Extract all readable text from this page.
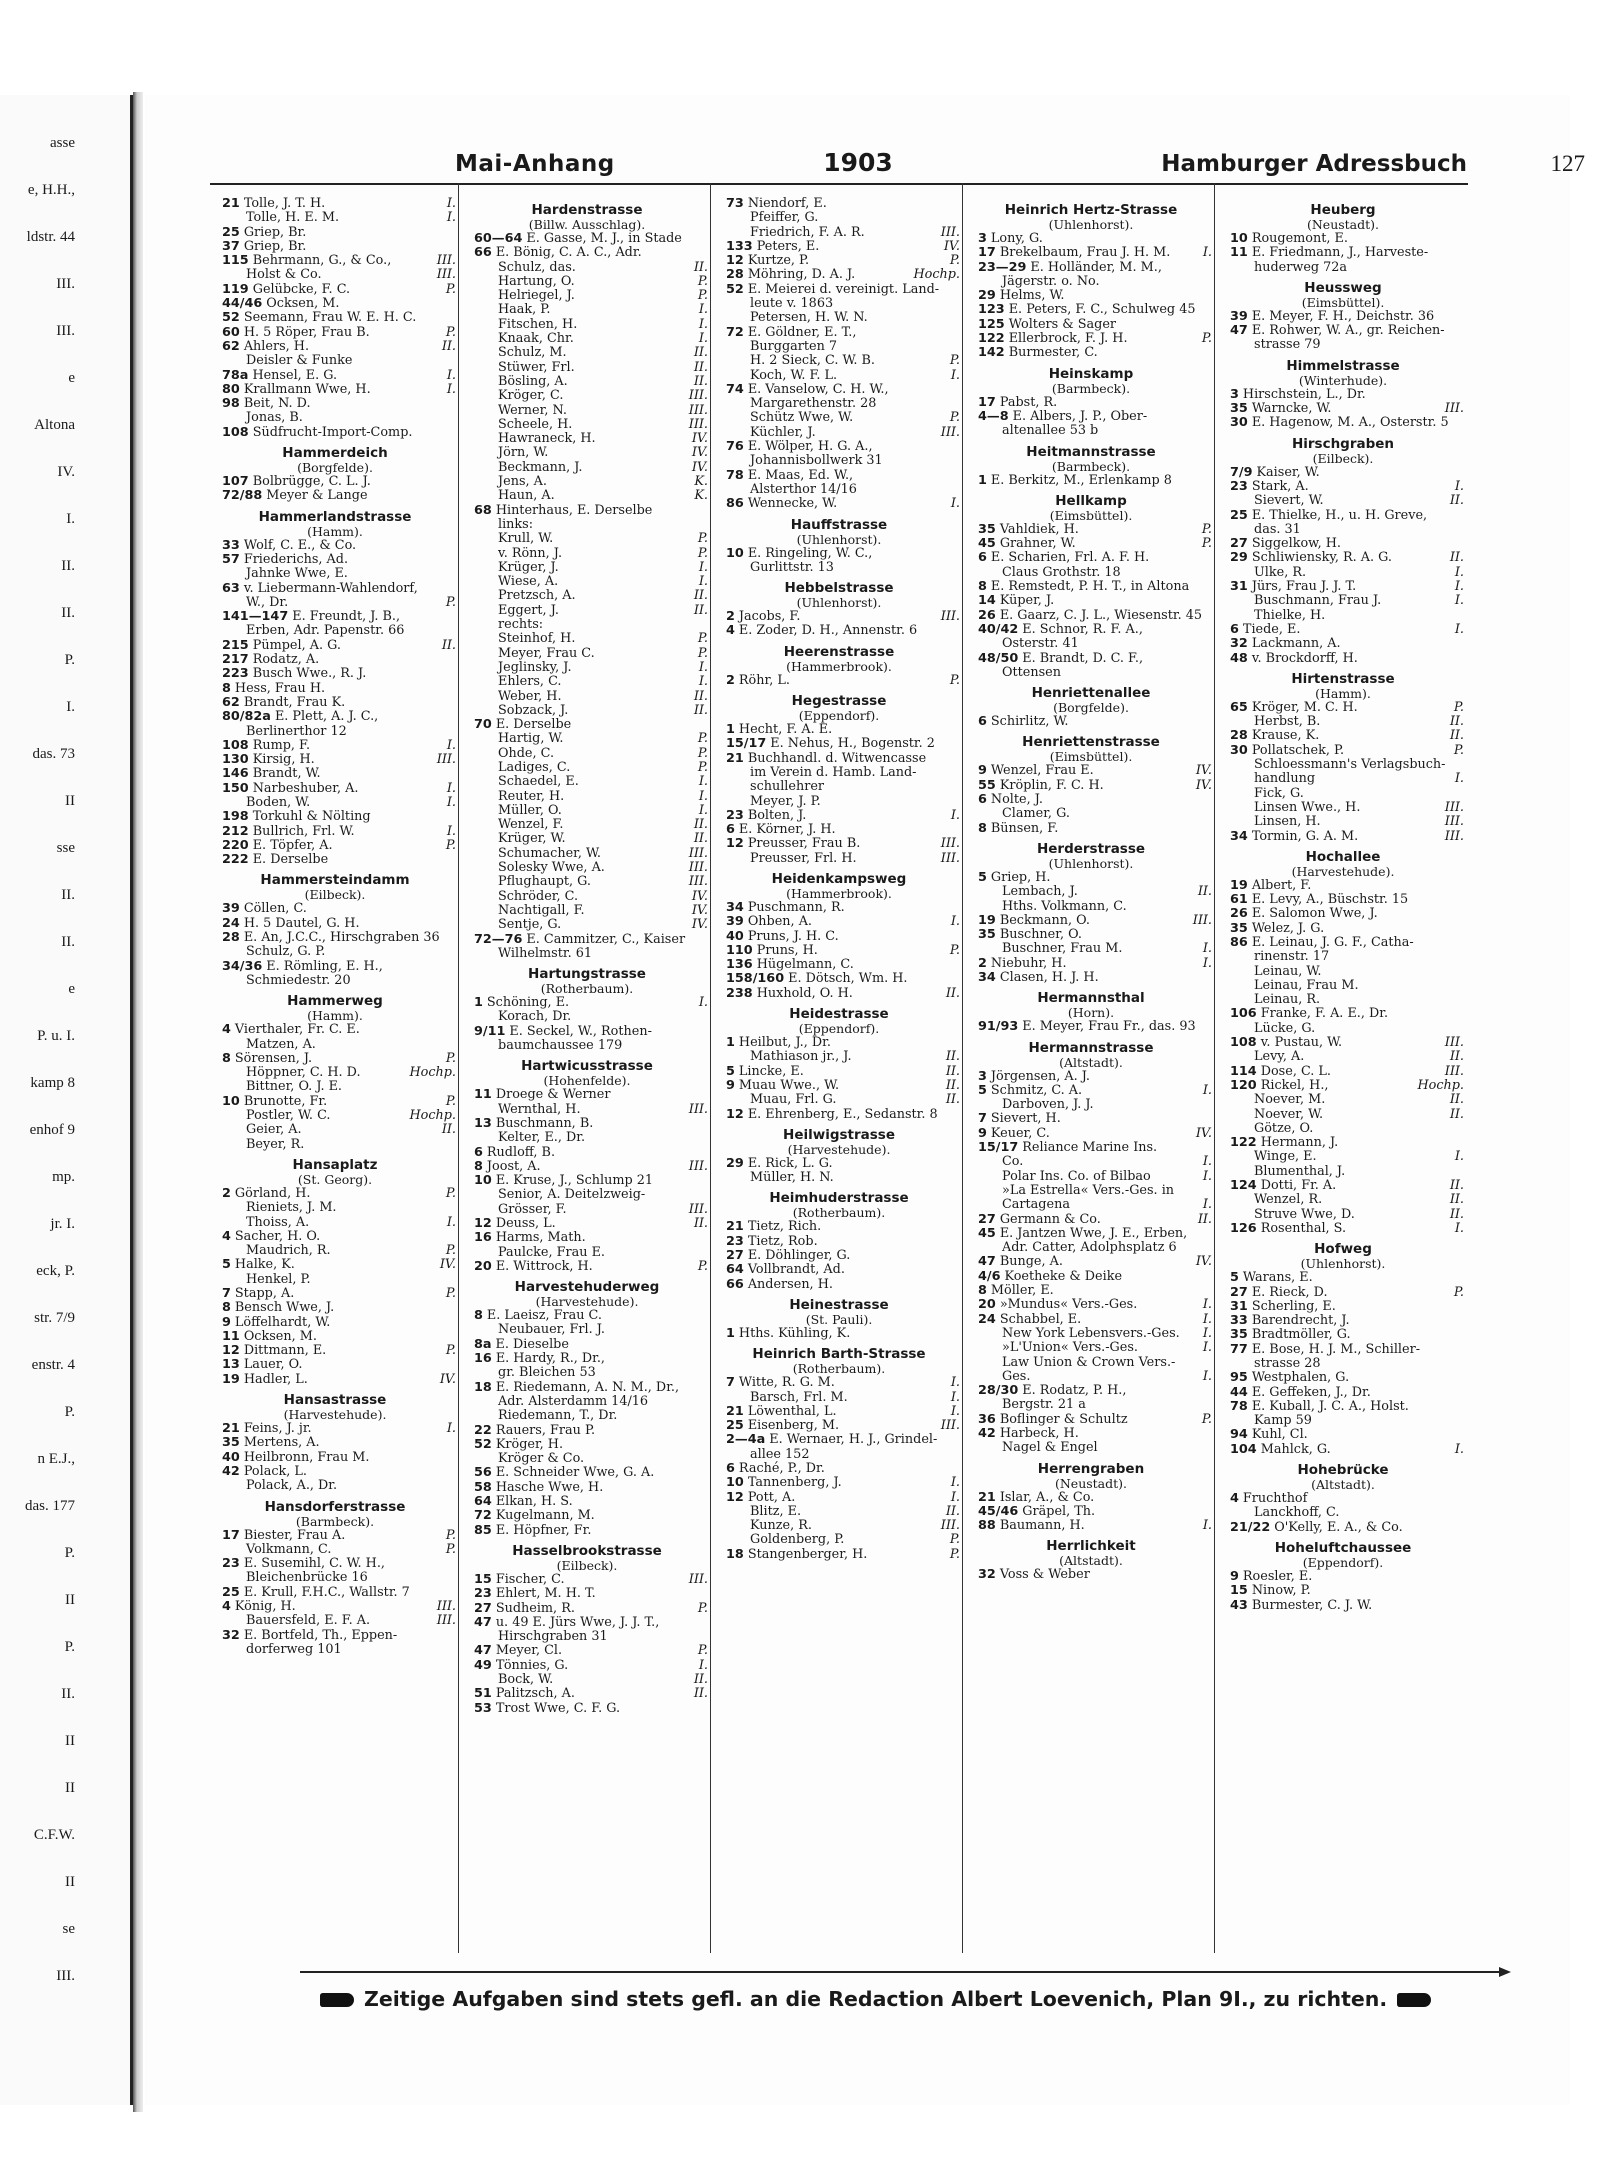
asse
e, H.H.,
ldstr. 44
III.
III.
e
Altona
IV.
I.
II.
II.
P.
I.
das. 73
II
sse
II.
II.
e
P. u. I.
kamp 8
enhof 9
mp.
jr. I.
eck, P.
str. 7/9
enstr. 4
P.
n E.J.,
das. 177
P.
II
P.
II.
II
II
C.F.W.
II
se
III.
Mai-Anhang	1903	Hamburger Adressbuch	127
21 Tolle, J. T. H.	I.
Tolle, H. E. M.	I.
25 Griep, Br.
37 Griep, Br.
115 Behrmann, G., & Co.,	III.
Holst & Co.	III.
119 Gelübcke, F. C.	P.
44/46 Ocksen, M.
52 Seemann, Frau W. E. H. C.
60 H. 5 Röper, Frau B.	P.
62 Ahlers, H.	II.
Deisler & Funke
78a Hensel, E. G.	I.
80 Krallmann Wwe, H.	I.
98 Beit, N. D.
Jonas, B.
108 Südfrucht-Import-Comp.
Hammerdeich
(Borgfelde).
107 Bolbrügge, C. L. J.
72/88 Meyer & Lange
Hammerlandstrasse
(Hamm).
33 Wolf, C. E., & Co.
57 Friederichs, Ad.
Jahnke Wwe, E.
63 v. Liebermann-Wahlendorf,
W., Dr.	P.
141—147 E. Freundt, J. B.,
Erben, Adr. Papenstr. 66
215 Pümpel, A. G.	II.
217 Rodatz, A.
223 Busch Wwe., R. J.
8 Hess, Frau H.
62 Brandt, Frau K.
80/82a E. Plett, A. J. C.,
Berlinerthor 12
108 Rump, F.	I.
130 Kirsig, H.	III.
146 Brandt, W.
150 Narbeshuber, A.	I.
Boden, W.	I.
198 Torkuhl & Nölting
212 Bullrich, Frl. W.	I.
220 E. Töpfer, A.	P.
222 E. Derselbe
Hammersteindamm
(Eilbeck).
39 Cöllen, C.
24 H. 5 Dautel, G. H.
28 E. An, J.C.C., Hirschgraben 36
Schulz, G. P.
34/36 E. Römling, E. H.,
Schmiedestr. 20
Hammerweg
(Hamm).
4 Vierthaler, Fr. C. E.
Matzen, A.
8 Sörensen, J.	P.
Höppner, C. H. D.	Hochp.
Bittner, O. J. E.
10 Brunotte, Fr.	P.
Postler, W. C.	Hochp.
Geier, A.	II.
Beyer, R.
Hansaplatz
(St. Georg).
2 Görland, H.	P.
Rieniets, J. M.
Thoiss, A.	I.
4 Sacher, H. O.
Maudrich, R.	P.
5 Halke, K.	IV.
Henkel, P.
7 Stapp, A.	P.
8 Bensch Wwe, J.
9 Löffelhardt, W.
11 Ocksen, M.
12 Dittmann, E.	P.
13 Lauer, O.
19 Hadler, L.	IV.
Hansastrasse
(Harvestehude).
21 Feins, J. jr.	I.
35 Mertens, A.
40 Heilbronn, Frau M.
42 Polack, L.
Polack, A., Dr.
Hansdorferstrasse
(Barmbeck).
17 Biester, Frau A.	P.
Volkmann, C.	P.
23 E. Susemihl, C. W. H.,
Bleichenbrücke 16
25 E. Krull, F.H.C., Wallstr. 7
4 König, H.	III.
Bauersfeld, E. F. A.	III.
32 E. Bortfeld, Th., Eppen-
dorferweg 101
Hardenstrasse
(Billw. Ausschlag).
60—64 E. Gasse, M. J., in Stade
66 E. Bönig, C. A. C., Adr.
Schulz, das.	II.
Hartung, O.	P.
Helriegel, J.	P.
Haak, P.	I.
Fitschen, H.	I.
Knaak, Chr.	I.
Schulz, M.	II.
Stüwer, Frl.	II.
Bösling, A.	II.
Kröger, C.	III.
Werner, N.	III.
Scheele, H.	III.
Hawraneck, H.	IV.
Jörn, W.	IV.
Beckmann, J.	IV.
Jens, A.	K.
Haun, A.	K.
68 Hinterhaus, E. Derselbe
links:
Krull, W.	P.
v. Rönn, J.	P.
Krüger, J.	I.
Wiese, A.	I.
Pretzsch, A.	II.
Eggert, J.	II.
rechts:
Steinhof, H.	P.
Meyer, Frau C.	P.
Jeglinsky, J.	I.
Ehlers, C.	I.
Weber, H.	II.
Sobzack, J.	II.
70 E. Derselbe
Hartig, W.	P.
Ohde, C.	P.
Ladiges, C.	P.
Schaedel, E.	I.
Reuter, H.	I.
Müller, O.	I.
Wenzel, F.	II.
Krüger, W.	II.
Schumacher, W.	III.
Solesky Wwe, A.	III.
Pflughaupt, G.	III.
Schröder, C.	IV.
Nachtigall, F.	IV.
Sentje, G.	IV.
72—76 E. Cammitzer, C., Kaiser
Wilhelmstr. 61
Hartungstrasse
(Rotherbaum).
1 Schöning, E.	I.
Korach, Dr.
9/11 E. Seckel, W., Rothen-
baumchaussee 179
Hartwicusstrasse
(Hohenfelde).
11 Droege & Werner
Wernthal, H.	III.
13 Buschmann, B.
Kelter, E., Dr.
6 Rudloff, B.
8 Joost, A.	III.
10 E. Kruse, J., Schlump 21
Senior, A. Deitelzweig-
Grösser, F.	III.
12 Deuss, L.	II.
16 Harms, Math.
Paulcke, Frau E.
20 E. Wittrock, H.	P.
Harvestehuderweg
(Harvestehude).
8 E. Laeisz, Frau C.
Neubauer, Frl. J.
8a E. Dieselbe
16 E. Hardy, R., Dr.,
gr. Bleichen 53
18 E. Riedemann, A. N. M., Dr.,
Adr. Alsterdamm 14/16
Riedemann, T., Dr.
22 Rauers, Frau P.
52 Kröger, H.
Kröger & Co.
56 E. Schneider Wwe, G. A.
58 Hasche Wwe, H.
64 Elkan, H. S.
72 Kugelmann, M.
85 E. Höpfner, Fr.
Hasselbrookstrasse
(Eilbeck).
15 Fischer, C.	III.
23 Ehlert, M. H. T.
27 Sudheim, R.	P.
47 u. 49 E. Jürs Wwe, J. J. T.,
Hirschgraben 31
47 Meyer, Cl.	P.
49 Tönnies, G.	I.
Bock, W.	II.
51 Palitzsch, A.	II.
53 Trost Wwe, C. F. G.
73 Niendorf, E.
Pfeiffer, G.
Friedrich, F. A. R.	III.
133 Peters, E.	IV.
12 Kurtze, P.	P.
28 Möhring, D. A. J.	Hochp.
52 E. Meierei d. vereinigt. Land-
leute v. 1863
Petersen, H. W. N.
72 E. Göldner, E. T.,
Burggarten 7
H. 2 Sieck, C. W. B.	P.
Koch, W. F. L.	I.
74 E. Vanselow, C. H. W.,
Margarethenstr. 28
Schütz Wwe, W.	P.
Küchler, J.	III.
76 E. Wölper, H. G. A.,
Johannisbollwerk 31
78 E. Maas, Ed. W.,
Alsterthor 14/16
86 Wennecke, W.	I.
Hauffstrasse
(Uhlenhorst).
10 E. Ringeling, W. C.,
Gurlittstr. 13
Hebbelstrasse
(Uhlenhorst).
2 Jacobs, F.	III.
4 E. Zoder, D. H., Annenstr. 6
Heerenstrasse
(Hammerbrook).
2 Röhr, L.	P.
Hegestrasse
(Eppendorf).
1 Hecht, F. A. E.
15/17 E. Nehus, H., Bogenstr. 2
21 Buchhandl. d. Witwencasse
im Verein d. Hamb. Land-
schullehrer
Meyer, J. P.
23 Bolten, J.	I.
6 E. Körner, J. H.
12 Preusser, Frau B.	III.
Preusser, Frl. H.	III.
Heidenkampsweg
(Hammerbrook).
34 Puschmann, R.
39 Ohben, A.	I.
40 Pruns, J. H. C.
110 Pruns, H.	P.
136 Hügelmann, C.
158/160 E. Dötsch, Wm. H.
238 Huxhold, O. H.	II.
Heidestrasse
(Eppendorf).
1 Heilbut, J., Dr.
Mathiason jr., J.	II.
5 Lincke, E.	II.
9 Muau Wwe., W.	II.
Muau, Frl. G.	II.
12 E. Ehrenberg, E., Sedanstr. 8
Heilwigstrasse
(Harvestehude).
29 E. Rick, L. G.
Müller, H. N.
Heimhuderstrasse
(Rotherbaum).
21 Tietz, Rich.
23 Tietz, Rob.
27 E. Döhlinger, G.
64 Vollbrandt, Ad.
66 Andersen, H.
Heinestrasse
(St. Pauli).
1 Hths. Kühling, K.
Heinrich Barth-Strasse
(Rotherbaum).
7 Witte, R. G. M.	I.
Barsch, Frl. M.	I.
21 Löwenthal, L.	I.
25 Eisenberg, M.	III.
2—4a E. Wernaer, H. J., Grindel-
allee 152
6 Raché, P., Dr.
10 Tannenberg, J.	I.
12 Pott, A.	I.
Blitz, E.	II.
Kunze, R.	III.
Goldenberg, P.	P.
18 Stangenberger, H.	P.
Heinrich Hertz-Strasse
(Uhlenhorst).
3 Lony, G.
17 Brekelbaum, Frau J. H. M.	I.
23—29 E. Holländer, M. M.,
Jägerstr. o. No.
29 Helms, W.
123 E. Peters, F. C., Schulweg 45
125 Wolters & Sager
122 Ellerbrock, F. J. H.	P.
142 Burmester, C.
Heinskamp
(Barmbeck).
17 Pabst, R.
4—8 E. Albers, J. P., Ober-
altenallee 53 b
Heitmannstrasse
(Barmbeck).
1 E. Berkitz, M., Erlenkamp 8
Hellkamp
(Eimsbüttel).
35 Vahldiek, H.	P.
45 Grahner, W.	P.
6 E. Scharien, Frl. A. F. H.
Claus Grothstr. 18
8 E. Remstedt, P. H. T., in Altona
14 Küper, J.
26 E. Gaarz, C. J. L., Wiesenstr. 45
40/42 E. Schnor, R. F. A.,
Osterstr. 41
48/50 E. Brandt, D. C. F.,
Ottensen
Henriettenallee
(Borgfelde).
6 Schirlitz, W.
Henriettenstrasse
(Eimsbüttel).
9 Wenzel, Frau E.	IV.
55 Kröplin, F. C. H.	IV.
6 Nolte, J.
Clamer, G.
8 Bünsen, F.
Herderstrasse
(Uhlenhorst).
5 Griep, H.
Lembach, J.	II.
Hths. Volkmann, C.
19 Beckmann, O.	III.
35 Buschner, O.
Buschner, Frau M.	I.
2 Niebuhr, H.	I.
34 Clasen, H. J. H.
Hermannsthal
(Horn).
91/93 E. Meyer, Frau Fr., das. 93
Hermannstrasse
(Altstadt).
3 Jörgensen, A. J.
5 Schmitz, C. A.	I.
Darboven, J. J.
7 Sievert, H.
9 Keuer, C.	IV.
15/17 Reliance Marine Ins.
Co.	I.
Polar Ins. Co. of Bilbao	I.
»La Estrella« Vers.-Ges. in
Cartagena	I.
27 Germann & Co.	II.
45 E. Jantzen Wwe, J. E., Erben,
Adr. Catter, Adolphsplatz 6
47 Bunge, A.	IV.
4/6 Koetheke & Deike
8 Möller, E.
20 »Mundus« Vers.-Ges.	I.
24 Schabbel, E.	I.
New York Lebensvers.-Ges. I.
»L'Union« Vers.-Ges.	I.
Law Union & Crown Vers.-
Ges.	I.
28/30 E. Rodatz, P. H.,
Bergstr. 21 a
36 Boflinger & Schultz	P.
42 Harbeck, H.
Nagel & Engel
Herrengraben
(Neustadt).
21 Islar, A., & Co.
45/46 Gräpel, Th.
88 Baumann, H.	I.
Herrlichkeit
(Altstadt).
32 Voss & Weber
Heuberg
(Neustadt).
10 Rougemont, E.
11 E. Friedmann, J., Harveste-
huderweg 72a
Heussweg
(Eimsbüttel).
39 E. Meyer, F. H., Deichstr. 36
47 E. Rohwer, W. A., gr. Reichen-
strasse 79
Himmelstrasse
(Winterhude).
3 Hirschstein, L., Dr.
35 Warncke, W.	III.
30 E. Hagenow, M. A., Osterstr. 5
Hirschgraben
(Eilbeck).
7/9 Kaiser, W.
23 Stark, A.	I.
Sievert, W.	II.
25 E. Thielke, H., u. H. Greve,
das. 31
27 Siggelkow, H.
29 Schliwiensky, R. A. G.	II.
Ulke, R.	I.
31 Jürs, Frau J. J. T.	I.
Buschmann, Frau J.	I.
Thielke, H.
6 Tiede, E.	I.
32 Lackmann, A.
48 v. Brockdorff, H.
Hirtenstrasse
(Hamm).
65 Kröger, M. C. H.	P.
Herbst, B.	II.
28 Krause, K.	II.
30 Pollatschek, P.	P.
Schloessmann's Verlagsbuch-
handlung	I.
Fick, G.
Linsen Wwe., H.	III.
Linsen, H.	III.
34 Tormin, G. A. M.	III.
Hochallee
(Harvestehude).
19 Albert, F.
61 E. Levy, A., Büschstr. 15
26 E. Salomon Wwe, J.
35 Welez, J. G.
86 E. Leinau, J. G. F., Catha-
rinenstr. 17
Leinau, W.
Leinau, Frau M.
Leinau, R.
106 Franke, F. A. E., Dr.
Lücke, G.
108 v. Pustau, W.	III.
Levy, A.	II.
114 Dose, C. L.	III.
120 Rickel, H.,	Hochp.
Noever, M.	II.
Noever, W.	II.
Götze, O.
122 Hermann, J.
Winge, E.	I.
Blumenthal, J.
124 Dotti, Fr. A.	II.
Wenzel, R.	II.
Struve Wwe, D.	II.
126 Rosenthal, S.	I.
Hofweg
(Uhlenhorst).
5 Warans, E.
27 E. Rieck, D.	P.
31 Scherling, E.
33 Barendrecht, J.
35 Bradtmöller, G.
77 E. Bose, H. J. M., Schiller-
strasse 28
95 Westphalen, G.
44 E. Geffeken, J., Dr.
78 E. Kuball, J. C. A., Holst.
Kamp 59
94 Kuhl, Cl.
104 Mahlck, G.	I.
Hohebrücke
(Altstadt).
4 Fruchthof
Lanckhoff, C.
21/22 O'Kelly, E. A., & Co.
Hoheluftchaussee
(Eppendorf).
9 Roesler, E.
15 Ninow, P.
43 Burmester, C. J. W.
Zeitige Aufgaben sind stets gefl. an die Redaction Albert Loevenich, Plan 9I., zu richten.
